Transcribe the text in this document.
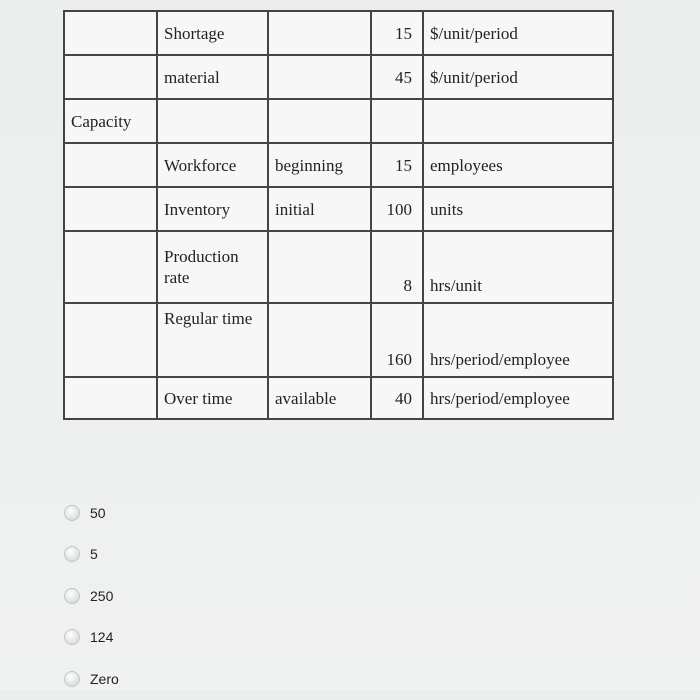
	Shortage		15	$/unit/period
	material		45	$/unit/period
Capacity				
	Workforce	beginning	15	employees
	Inventory	initial	100	units
	Production rate		8	hrs/unit
	Regular time		160	hrs/period/employee
	Over time	available	40	hrs/period/employee
50
5
250
124
Zero
